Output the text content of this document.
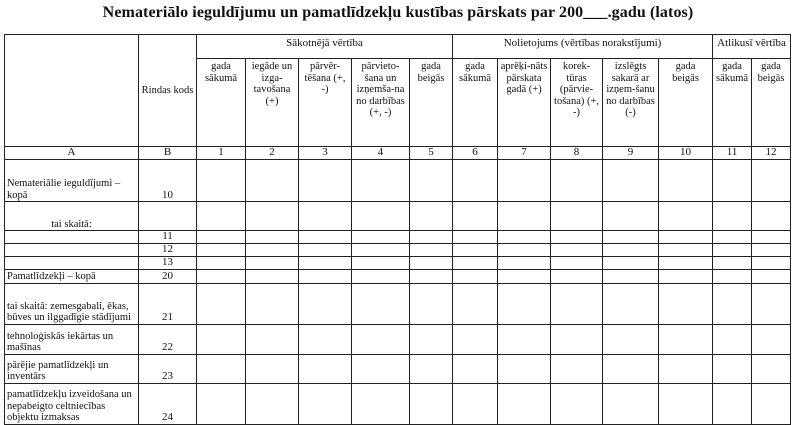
Nemateriālo ieguldījumu un pamatlīdzekļu kustības pārskats par 200___.gadu (latos)
	Rindas kods	Sākotnējā vērtība					Nolietojums (vērtības norakstījumi)					Atlikusī vērtība	
		gada sākumā	iegāde un izga-tavošana (+)	pārvēr-tēšana (+, -)	pārvieto-šana un izņemša-na no darbības (+, -)	gada beigās	gada sākumā	aprēķi-nāts pārskata gadā (+)	korek-tūras (pārvie-tošana) (+, -)	izslēgts sakarā ar izņem-šanu no darbības (-)	gada beigās	gada sākumā	gada beigās
A	B	1	2	3	4	5	6	7	8	9	10	11	12
Nemateriālie ieguldījumi – kopā	10												
tai skaitā:													
	11												
	12												
	13												
Pamatlīdzekļi – kopā	20												
tai skaitā: zemesgabali, ēkas, būves un ilggadīgie stādījumi	21												
tehnoloģiskās iekārtas un mašīnas	22												
pārējie pamatlīdzekļi un inventārs	23												
pamatlīdzekļu izveidošana un nepabeigto celtniecības objektu izmaksas	24												
